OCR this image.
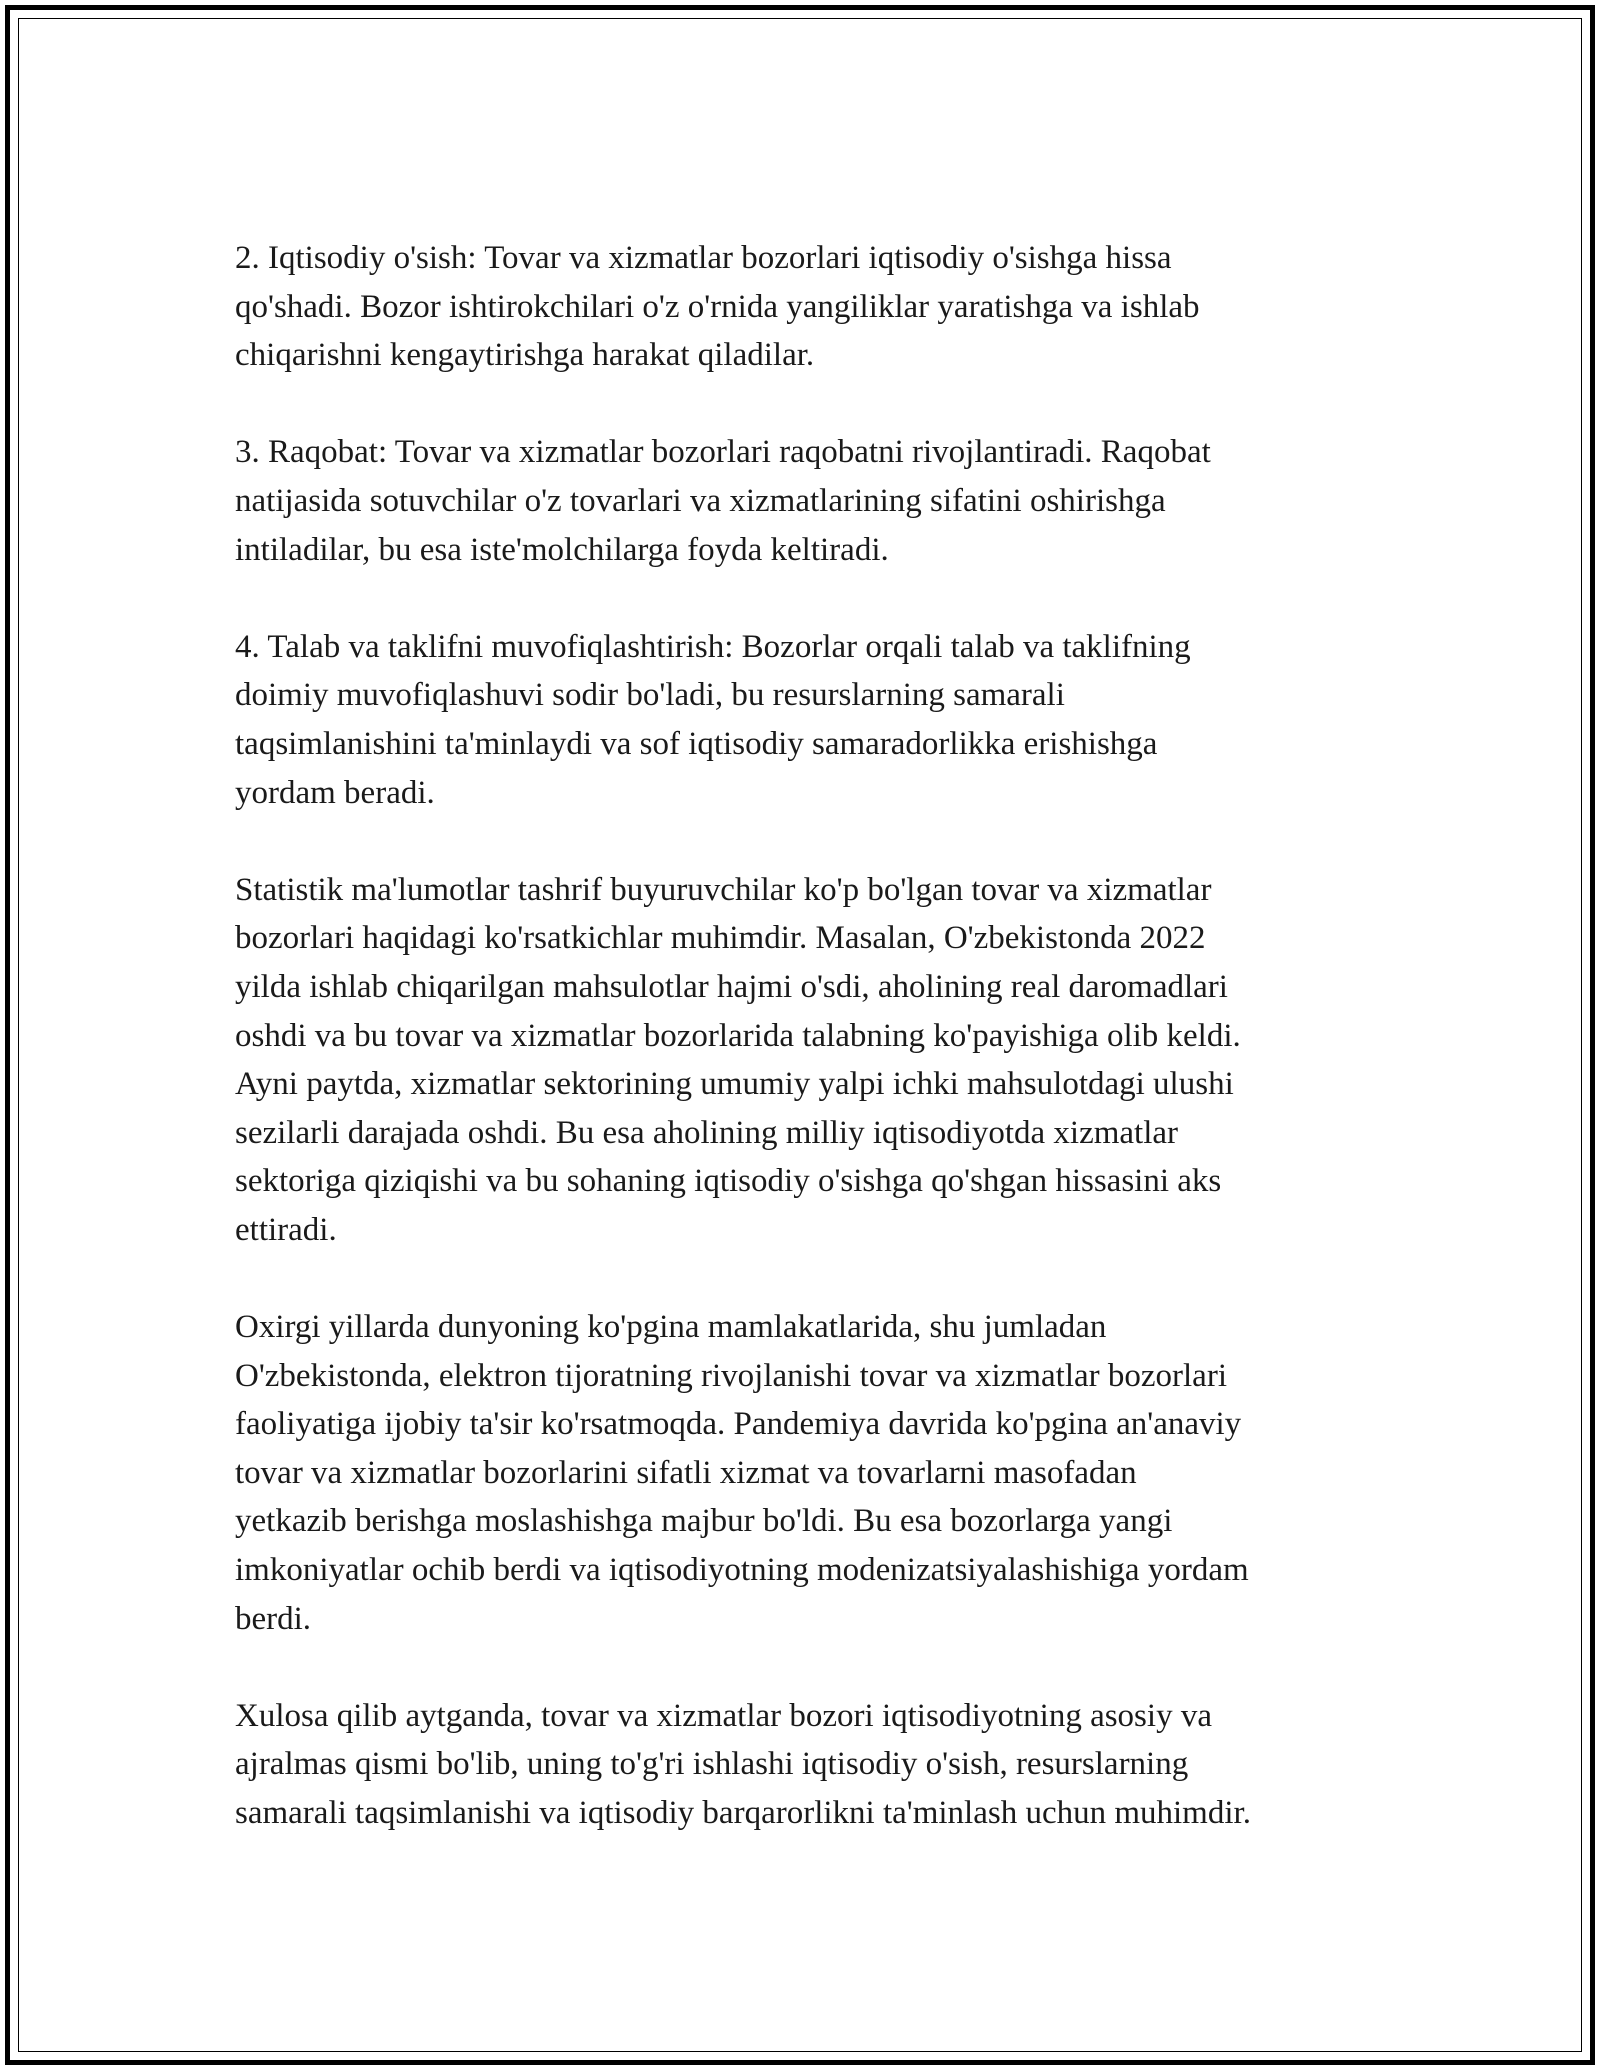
2. Iqtisodiy o'sish: Tovar va xizmatlar bozorlari iqtisodiy o'sishga hissa
qo'shadi. Bozor ishtirokchilari o'z o'rnida yangiliklar yaratishga va ishlab
chiqarishni kengaytirishga harakat qiladilar.

3. Raqobat: Tovar va xizmatlar bozorlari raqobatni rivojlantiradi. Raqobat
natijasida sotuvchilar o'z tovarlari va xizmatlarining sifatini oshirishga
intiladilar, bu esa iste'molchilarga foyda keltiradi.

4. Talab va taklifni muvofiqlashtirish: Bozorlar orqali talab va taklifning
doimiy muvofiqlashuvi sodir bo'ladi, bu resurslarning samarali
taqsimlanishini ta'minlaydi va sof iqtisodiy samaradorlikka erishishga
yordam beradi.

Statistik ma'lumotlar tashrif buyuruvchilar ko'p bo'lgan tovar va xizmatlar
bozorlari haqidagi ko'rsatkichlar muhimdir. Masalan, O'zbekistonda 2022
yilda ishlab chiqarilgan mahsulotlar hajmi o'sdi, aholining real daromadlari
oshdi va bu tovar va xizmatlar bozorlarida talabning ko'payishiga olib keldi.
Ayni paytda, xizmatlar sektorining umumiy yalpi ichki mahsulotdagi ulushi
sezilarli darajada oshdi. Bu esa aholining milliy iqtisodiyotda xizmatlar
sektoriga qiziqishi va bu sohaning iqtisodiy o'sishga qo'shgan hissasini aks
ettiradi.

Oxirgi yillarda dunyoning ko'pgina mamlakatlarida, shu jumladan
O'zbekistonda, elektron tijoratning rivojlanishi tovar va xizmatlar bozorlari
faoliyatiga ijobiy ta'sir ko'rsatmoqda. Pandemiya davrida ko'pgina an'anaviy
tovar va xizmatlar bozorlarini sifatli xizmat va tovarlarni masofadan
yetkazib berishga moslashishga majbur bo'ldi. Bu esa bozorlarga yangi
imkoniyatlar ochib berdi va iqtisodiyotning modenizatsiyalashishiga yordam
berdi.

Xulosa qilib aytganda, tovar va xizmatlar bozori iqtisodiyotning asosiy va
ajralmas qismi bo'lib, uning to'g'ri ishlashi iqtisodiy o'sish, resurslarning
samarali taqsimlanishi va iqtisodiy barqarorlikni ta'minlash uchun muhimdir.
